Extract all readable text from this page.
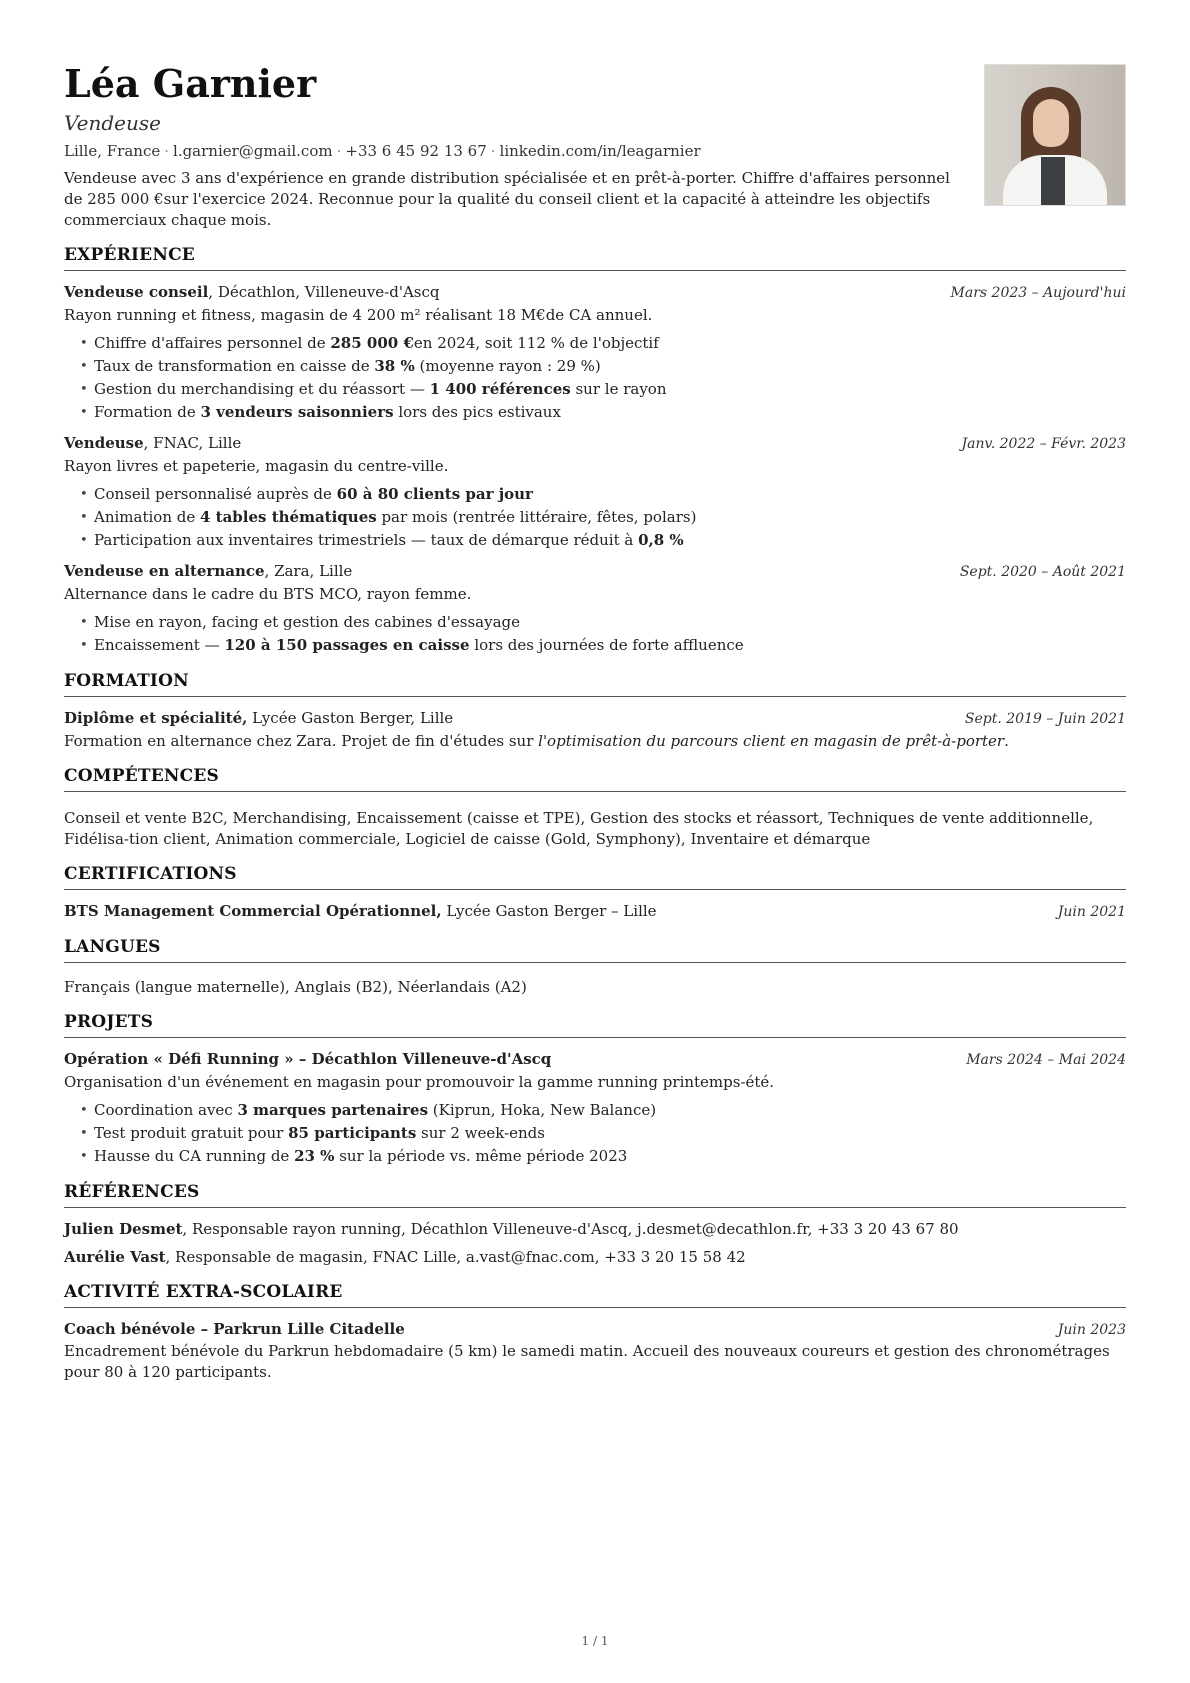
Léa Garnier
Vendeuse
Lille, France · l.garnier@gmail.com · +33 6 45 92 13 67 · linkedin.com/in/leagarnier
Vendeuse avec 3 ans d'expérience en grande distribution spécialisée et en prêt-à-porter. Chiffre d'affaires personnel de 285 000 €sur l'exercice 2024. Reconnue pour la qualité du conseil client et la capacité à atteindre les objectifs commerciaux chaque mois.
EXPÉRIENCE
Vendeuse conseil, Décathlon, Villeneuve-d'Ascq	Mars 2023 – Aujourd'hui
Rayon running et fitness, magasin de 4 200 m² réalisant 18 M€de CA annuel.
• Chiffre d'affaires personnel de 285 000 €en 2024, soit 112 % de l'objectif
• Taux de transformation en caisse de 38 % (moyenne rayon : 29 %)
• Gestion du merchandising et du réassort — 1 400 références sur le rayon
• Formation de 3 vendeurs saisonniers lors des pics estivaux
Vendeuse, FNAC, Lille	Janv. 2022 – Févr. 2023
Rayon livres et papeterie, magasin du centre-ville.
• Conseil personnalisé auprès de 60 à 80 clients par jour
• Animation de 4 tables thématiques par mois (rentrée littéraire, fêtes, polars)
• Participation aux inventaires trimestriels — taux de démarque réduit à 0,8 %
Vendeuse en alternance, Zara, Lille	Sept. 2020 – Août 2021
Alternance dans le cadre du BTS MCO, rayon femme.
• Mise en rayon, facing et gestion des cabines d'essayage
• Encaissement — 120 à 150 passages en caisse lors des journées de forte affluence
FORMATION
Diplôme et spécialité, Lycée Gaston Berger, Lille	Sept. 2019 – Juin 2021
Formation en alternance chez Zara. Projet de fin d'études sur l'optimisation du parcours client en magasin de prêt-à-porter.
COMPÉTENCES
Conseil et vente B2C, Merchandising, Encaissement (caisse et TPE), Gestion des stocks et réassort, Techniques de vente additionnelle, Fidélisa-tion client, Animation commerciale, Logiciel de caisse (Gold, Symphony), Inventaire et démarque
CERTIFICATIONS
BTS Management Commercial Opérationnel, Lycée Gaston Berger – Lille	Juin 2021
LANGUES
Français (langue maternelle), Anglais (B2), Néerlandais (A2)
PROJETS
Opération « Défi Running » – Décathlon Villeneuve-d'Ascq	Mars 2024 – Mai 2024
Organisation d'un événement en magasin pour promouvoir la gamme running printemps-été.
• Coordination avec 3 marques partenaires (Kiprun, Hoka, New Balance)
• Test produit gratuit pour 85 participants sur 2 week-ends
• Hausse du CA running de 23 % sur la période vs. même période 2023
RÉFÉRENCES
Julien Desmet, Responsable rayon running, Décathlon Villeneuve-d'Ascq, j.desmet@decathlon.fr, +33 3 20 43 67 80
Aurélie Vast, Responsable de magasin, FNAC Lille, a.vast@fnac.com, +33 3 20 15 58 42
ACTIVITÉ EXTRA-SCOLAIRE
Coach bénévole – Parkrun Lille Citadelle	Juin 2023
Encadrement bénévole du Parkrun hebdomadaire (5 km) le samedi matin. Accueil des nouveaux coureurs et gestion des chronométrages pour 80 à 120 participants.
1 / 1
